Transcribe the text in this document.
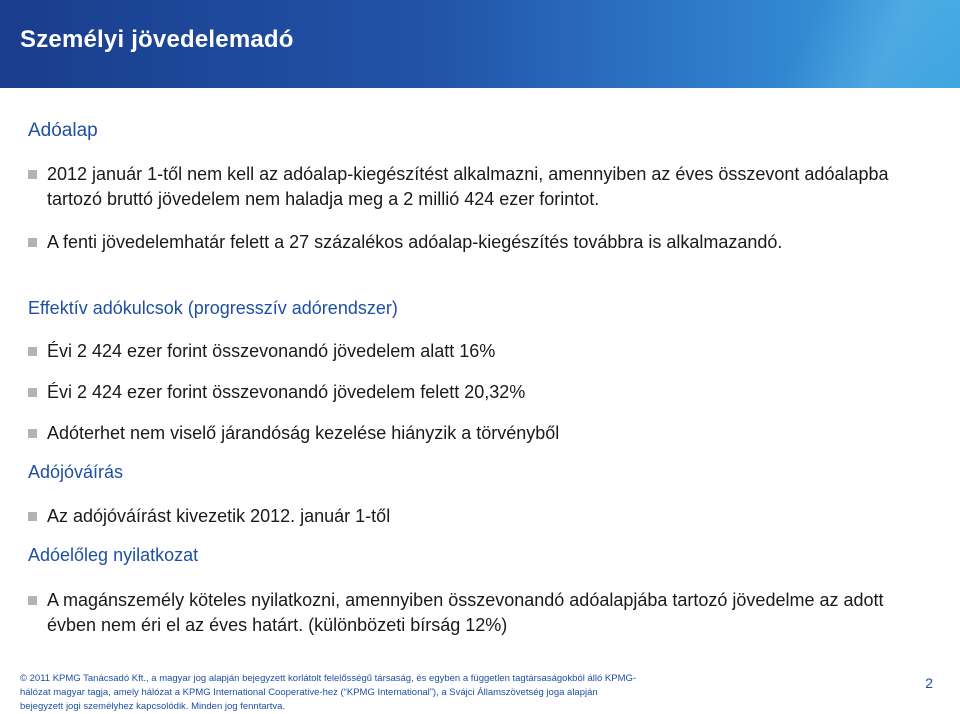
Személyi jövedelemadó
Adóalap
2012 január 1-től nem kell az adóalap-kiegészítést alkalmazni, amennyiben az éves összevont adóalapba tartozó bruttó jövedelem nem haladja meg a 2 millió 424 ezer forintot.
A fenti jövedelemhatár felett a 27 százalékos adóalap-kiegészítés továbbra is alkalmazandó.
Effektív adókulcsok (progresszív adórendszer)
Évi 2 424 ezer forint összevonandó jövedelem alatt 16%
Évi 2 424 ezer forint összevonandó jövedelem felett 20,32%
Adóterhet nem viselő járandóság kezelése hiányzik a törvényből
Adójóváírás
Az adójóváírást kivezetik 2012. január 1-től
Adóelőleg nyilatkozat
A magánszemély köteles nyilatkozni, amennyiben összevonandó adóalapjába tartozó jövedelme az adott évben nem éri el az éves határt. (különbözeti bírság 12%)
© 2011 KPMG Tanácsadó Kft., a magyar jog alapján bejegyzett korlátolt felelősségű társaság, és egyben a független tagtársaságokból álló KPMG-
hálózat magyar tagja, amely hálózat a KPMG International Cooperative-hez (“KPMG International”), a Svájci Államszövetség joga alapján
bejegyzett jogi személyhez kapcsolódik. Minden jog fenntartva.
2
